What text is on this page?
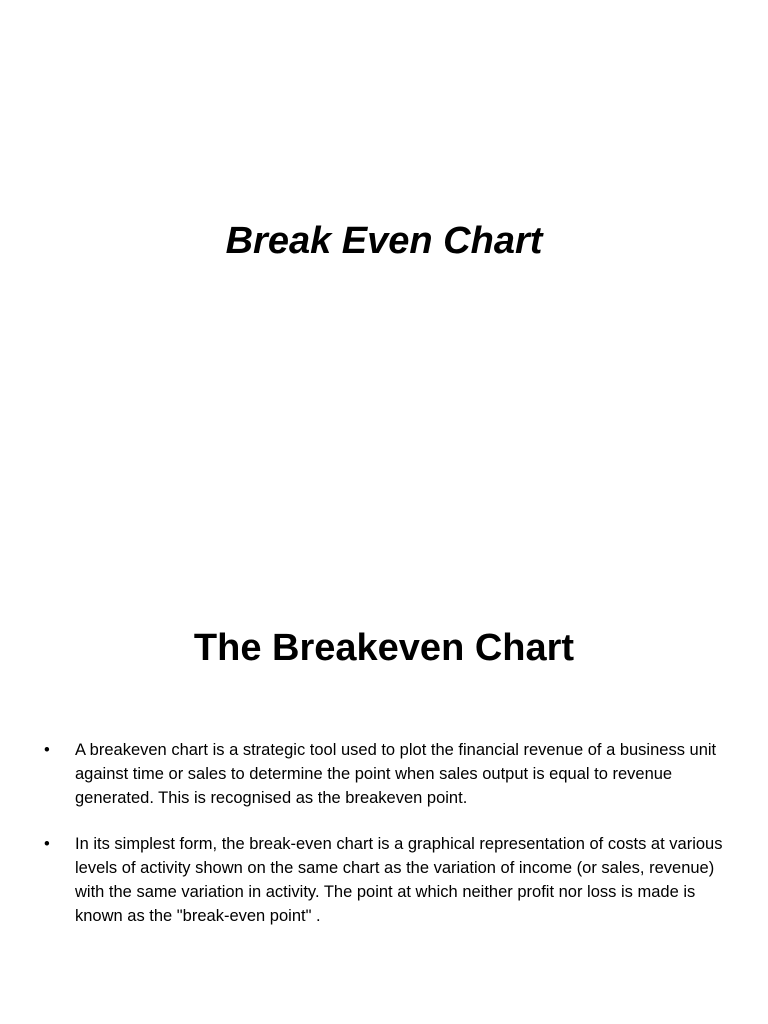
Break Even Chart
The Breakeven Chart
•	A breakeven chart is a strategic tool used to plot the financial revenue of a business unit against time or sales to determine the point when sales output is equal to revenue generated. This is recognised as the breakeven point.
•	In its simplest form, the break-even chart is a graphical representation of costs at various levels of activity shown on the same chart as the variation of income (or sales, revenue) with the same variation in activity. The point at which neither profit nor loss is made is known as the "break-even point" .
